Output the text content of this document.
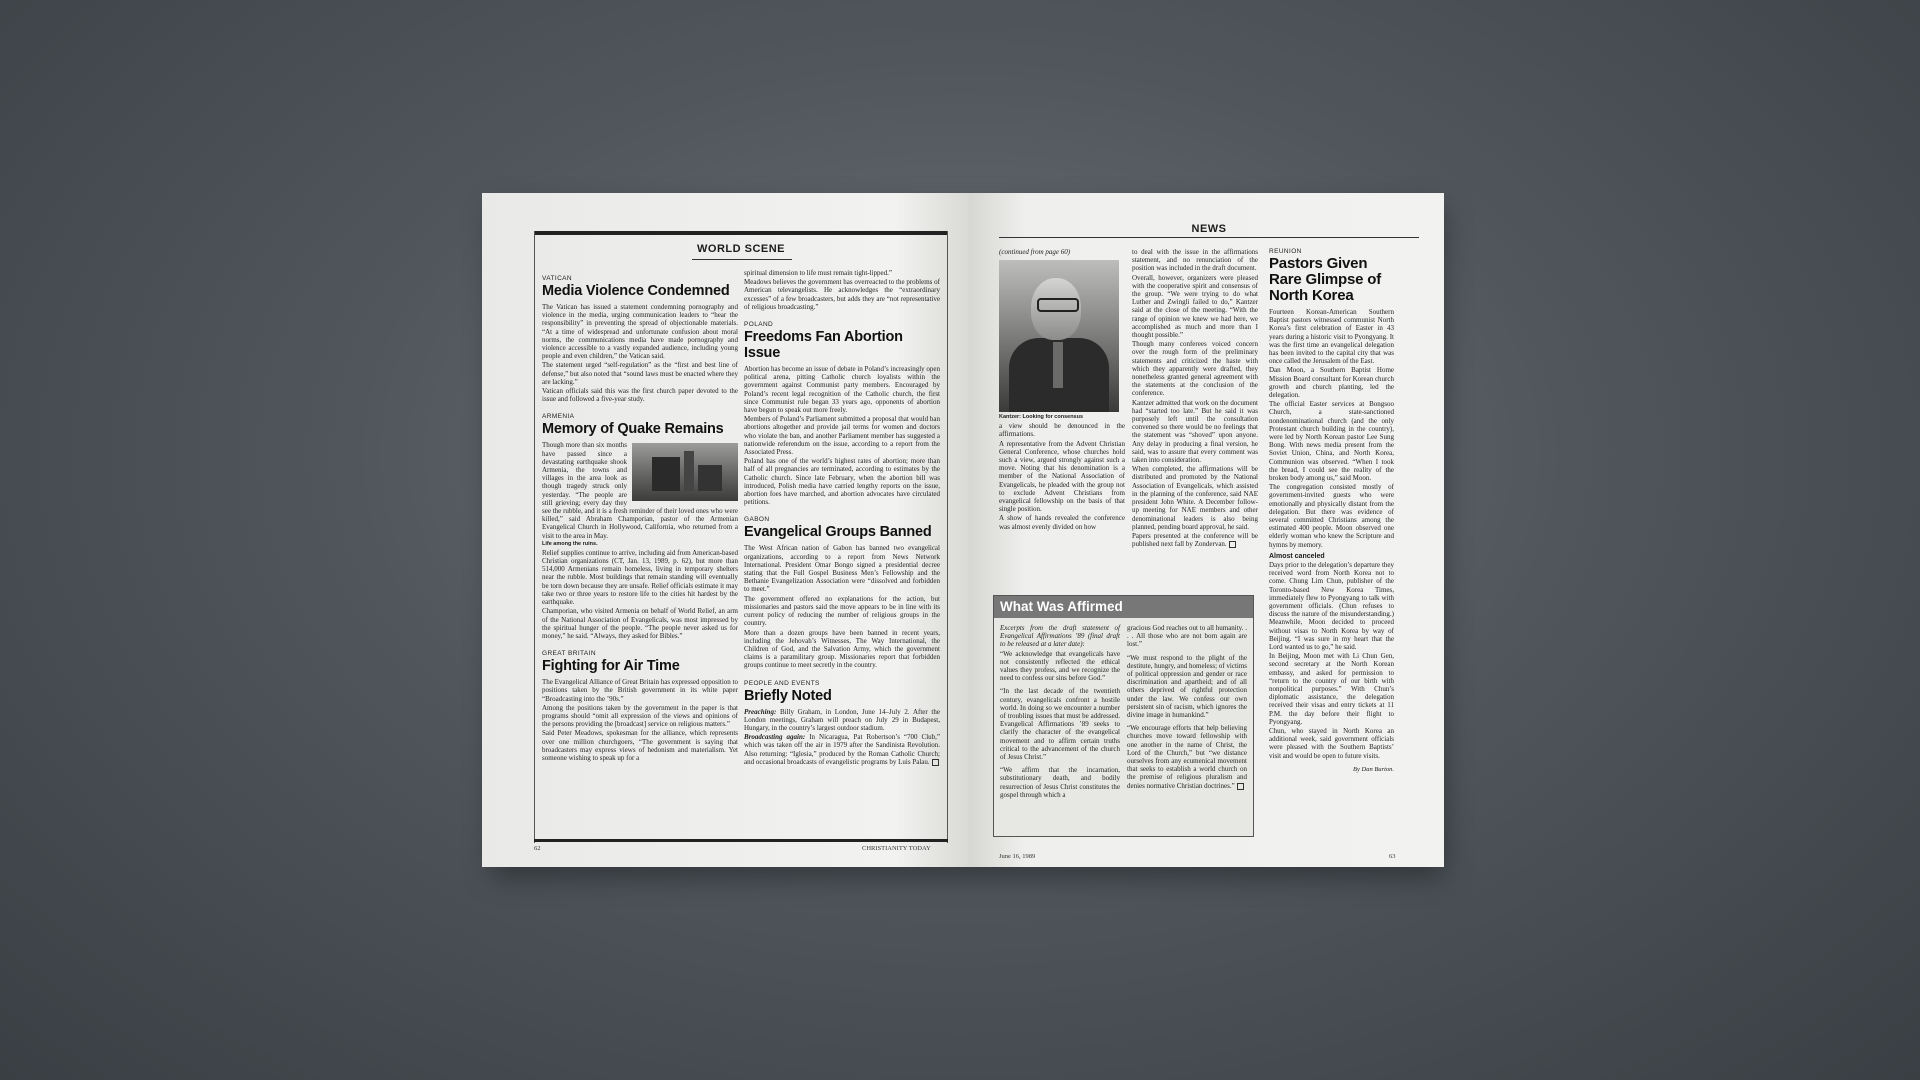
WORLD SCENE
VATICAN
Media Violence Condemned

The Vatican has issued a statement condemning pornography and violence in the media, urging communication leaders to “hear the responsibility” in preventing the spread of objectionable materials. “At a time of widespread and unfortunate confusion about moral norms, the communications media have made pornography and violence accessible to a vastly expanded audience, including young people and even children,” the Vatican said.

The statement urged “self-regulation” as the “first and best line of defense,” but also noted that “sound laws must be enacted where they are lacking.”

Vatican officials said this was the first church paper devoted to the issue and followed a five-year study.

ARMENIA
Memory of Quake Remains

Though more than six months have passed since a devastating earthquake shook Armenia, the towns and villages in the area look as though tragedy struck only yesterday. “The people are still grieving; every day they see the rubble, and it is a fresh reminder of their loved ones who were killed,” said Abraham Champorian, pastor of the Armenian Evangelical Church in Hollywood, California, who returned from a visit to the area in May.

Life among the ruins.

Relief supplies continue to arrive, including aid from American-based Christian organizations (CT, Jan. 13, 1989, p. 62), but more than 514,000 Armenians remain homeless, living in temporary shelters near the rubble. Most buildings that remain standing will eventually be torn down because they are unsafe. Relief officials estimate it may take two or three years to restore life to the cities hit hardest by the earthquake.

Champorian, who visited Armenia on behalf of World Relief, an arm of the National Association of Evangelicals, was most impressed by the spiritual hunger of the people. “The people never asked us for money,” he said. “Always, they asked for Bibles.”

GREAT BRITAIN
Fighting for Air Time

The Evangelical Alliance of Great Britain has expressed opposition to positions taken by the British government in its white paper “Broadcasting into the ’90s.”

Among the positions taken by the government in the paper is that programs should “omit all expression of the views and opinions of the persons providing the [broadcast] service on religious matters.”

Said Peter Meadows, spokesman for the alliance, which represents over one million churchgoers, “The government is saying that broadcasters may express views of hedonism and materialism. Yet someone wishing to speak up for a

spiritual dimension to life must remain tight-lipped.”

Meadows believes the government has overreacted to the problems of American televangelists. He acknowledges the “extraordinary excesses” of a few broadcasters, but adds they are “not representative of religious broadcasting.”

POLAND
Freedoms Fan Abortion Issue

Abortion has become an issue of debate in Poland’s increasingly open political arena, pitting Catholic church loyalists within the government against Communist party members. Encouraged by Poland’s recent legal recognition of the Catholic church, the first since Communist rule began 33 years ago, opponents of abortion have begun to speak out more freely.

Members of Poland’s Parliament submitted a proposal that would ban abortions altogether and provide jail terms for women and doctors who violate the ban, and another Parliament member has suggested a nationwide referendum on the issue, according to a report from the Associated Press.

Poland has one of the world’s highest rates of abortion; more than half of all pregnancies are terminated, according to estimates by the Catholic church. Since late February, when the abortion bill was introduced, Polish media have carried lengthy reports on the issue, abortion foes have marched, and abortion advocates have circulated petitions.

GABON
Evangelical Groups Banned

The West African nation of Gabon has banned two evangelical organizations, according to a report from News Network International. President Omar Bongo signed a presidential decree stating that the Full Gospel Business Men’s Fellowship and the Bethanie Evangelization Association were “dissolved and forbidden to meet.”

The government offered no explanations for the action, but missionaries and pastors said the move appears to be in line with its current policy of reducing the number of religious groups in the country.

More than a dozen groups have been banned in recent years, including the Jehovah’s Witnesses, The Way International, the Children of God, and the Salvation Army, which the government claims is a paramilitary group. Missionaries report that forbidden groups continue to meet secretly in the country.

PEOPLE AND EVENTS
Briefly Noted

Preaching: Billy Graham, in London, June 14–July 2. After the London meetings, Graham will preach on July 29 in Budapest, Hungary, in the country’s largest outdoor stadium.

Broadcasting again: In Nicaragua, Pat Robertson’s “700 Club,” which was taken off the air in 1979 after the Sandinista Revolution. Also returning: “Iglesia,” produced by the Roman Catholic Church; and occasional broadcasts of evangelistic programs by Luis Palau.

62	CHRISTIANITY TODAY
NEWS

(continued from page 60)

Kantzer: Looking for consensus

a view should be denounced in the affirmations.

A representative from the Advent Christian General Conference, whose churches hold such a view, argued strongly against such a move. Noting that his denomination is a member of the National Association of Evangelicals, he pleaded with the group not to exclude Advent Christians from evangelical fellowship on the basis of that single position.

A show of hands revealed the conference was almost evenly divided on how

to deal with the issue in the affirmations statement, and no renunciation of the position was included in the draft document.

Overall, however, organizers were pleased with the cooperative spirit and consensus of the group. “We were trying to do what Luther and Zwingli failed to do,” Kantzer said at the close of the meeting. “With the range of opinion we knew we had here, we accomplished as much and more than I thought possible.”

Though many conferees voiced concern over the rough form of the preliminary statements and criticized the haste with which they apparently were drafted, they nonetheless granted general agreement with the statements at the conclusion of the conference.

Kantzer admitted that work on the document had “started too late.” But he said it was purposely left until the consultation convened so there would be no feelings that the statement was “shoved” upon anyone. Any delay in producing a final version, he said, was to assure that every comment was taken into consideration.

When completed, the affirmations will be distributed and promoted by the National Association of Evangelicals, which assisted in the planning of the conference, said NAE president John White. A December follow-up meeting for NAE members and other denominational leaders is also being planned, pending board approval, he said.

Papers presented at the conference will be published next fall by Zondervan.

What Was Affirmed

Excerpts from the draft statement of Evangelical Affirmations ’89 (final draft to be released at a later date):

“We acknowledge that evangelicals have not consistently reflected the ethical values they profess, and we recognize the need to confess our sins before God.”

“In the last decade of the twentieth century, evangelicals confront a hostile world. In doing so we encounter a number of troubling issues that must be addressed. Evangelical Affirmations ’89 seeks to clarify the character of the evangelical movement and to affirm certain truths critical to the advancement of the church of Jesus Christ.”

“We affirm that the incarnation, substitutionary death, and bodily resurrection of Jesus Christ constitutes the gospel through which a

gracious God reaches out to all humanity. . . . All those who are not born again are lost.”

“We must respond to the plight of the destitute, hungry, and homeless; of victims of political oppression and gender or race discrimination and apartheid; and of all others deprived of rightful protection under the law. We confess our own persistent sin of racism, which ignores the divine image in humankind.”

“We encourage efforts that help believing churches move toward fellowship with one another in the name of Christ, the Lord of the Church,” but “we distance ourselves from any ecumenical movement that seeks to establish a world church on the premise of religious pluralism and denies normative Christian doctrines.”

REUNION
Pastors Given Rare Glimpse of North Korea

Fourteen Korean-American Southern Baptist pastors witnessed communist North Korea’s first celebration of Easter in 43 years during a historic visit to Pyongyang. It was the first time an evangelical delegation has been invited to the capital city that was once called the Jerusalem of the East.

Dan Moon, a Southern Baptist Home Mission Board consultant for Korean church growth and church planting, led the delegation.

The official Easter services at Bongsoo Church, a state-sanctioned nondenominational church (and the only Protestant church building in the country), were led by North Korean pastor Lee Sung Bong. With news media present from the Soviet Union, China, and North Korea, Communion was observed. “When I took the bread, I could see the reality of the broken body among us,” said Moon.

The congregation consisted mostly of government-invited guests who were emotionally and physically distant from the delegation. But there was evidence of several committed Christians among the estimated 400 people. Moon observed one elderly woman who knew the Scripture and hymns by memory.

Almost canceled

Days prior to the delegation’s departure they received word from North Korea not to come. Chung Lim Chun, publisher of the Toronto-based New Korea Times, immediately flew to Pyongyang to talk with government officials. (Chun refuses to discuss the nature of the misunderstanding.) Meanwhile, Moon decided to proceed without visas to North Korea by way of Beijing. “I was sure in my heart that the Lord wanted us to go,” he said.

In Beijing, Moon met with Li Chun Gen, second secretary at the North Korean embassy, and asked for permission to “return to the country of our birth with nonpolitical purposes.” With Chun’s diplomatic assistance, the delegation received their visas and entry tickets at 11 P.M. the day before their flight to Pyongyang.

Chun, who stayed in North Korea an additional week, said government officials were pleased with the Southern Baptists’ visit and would be open to future visits.

By Dan Burton.
June 16, 1989	63
